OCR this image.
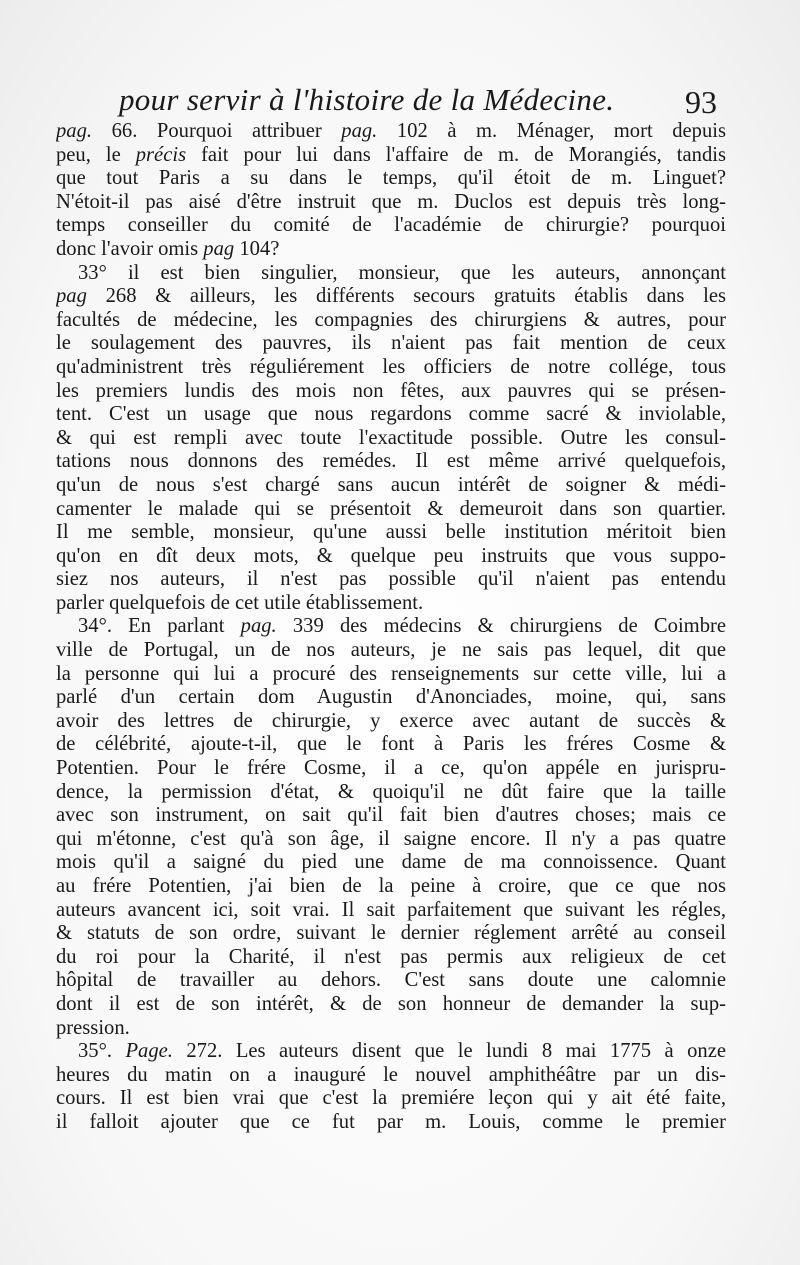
pour servir à l'histoire de la Médecine. 93
pag. 66. Pourquoi attribuer pag. 102 à m. Ménager, mort depuis
peu, le précis fait pour lui dans l'affaire de m. de Morangiés, tandis
que tout Paris a su dans le temps, qu'il étoit de m. Linguet?
N'étoit-il pas aisé d'être instruit que m. Duclos est depuis très long-
temps conseiller du comité de l'académie de chirurgie? pourquoi
donc l'avoir omis pag 104?
33° il est bien singulier, monsieur, que les auteurs, annonçant
pag 268 & ailleurs, les différents secours gratuits établis dans les
facultés de médecine, les compagnies des chirurgiens & autres, pour
le soulagement des pauvres, ils n'aient pas fait mention de ceux
qu'administrent très réguliérement les officiers de notre collége, tous
les premiers lundis des mois non fêtes, aux pauvres qui se présen-
tent. C'est un usage que nous regardons comme sacré & inviolable,
& qui est rempli avec toute l'exactitude possible. Outre les consul-
tations nous donnons des remédes. Il est même arrivé quelquefois,
qu'un de nous s'est chargé sans aucun intérêt de soigner & médi-
camenter le malade qui se présentoit & demeuroit dans son quartier.
Il me semble, monsieur, qu'une aussi belle institution méritoit bien
qu'on en dît deux mots, & quelque peu instruits que vous suppo-
siez nos auteurs, il n'est pas possible qu'il n'aient pas entendu
parler quelquefois de cet utile établissement.
34°. En parlant pag. 339 des médecins & chirurgiens de Coimbre
ville de Portugal, un de nos auteurs, je ne sais pas lequel, dit que
la personne qui lui a procuré des renseignements sur cette ville, lui a
parlé d'un certain dom Augustin d'Anonciades, moine, qui, sans
avoir des lettres de chirurgie, y exerce avec autant de succès &
de célébrité, ajoute-t-il, que le font à Paris les fréres Cosme &
Potentien. Pour le frére Cosme, il a ce, qu'on appéle en jurispru-
dence, la permission d'état, & quoiqu'il ne dût faire que la taille
avec son instrument, on sait qu'il fait bien d'autres choses; mais ce
qui m'étonne, c'est qu'à son âge, il saigne encore. Il n'y a pas quatre
mois qu'il a saigné du pied une dame de ma connoissence. Quant
au frére Potentien, j'ai bien de la peine à croire, que ce que nos
auteurs avancent ici, soit vrai. Il sait parfaitement que suivant les régles,
& statuts de son ordre, suivant le dernier réglement arrêté au conseil
du roi pour la Charité, il n'est pas permis aux religieux de cet
hôpital de travailler au dehors. C'est sans doute une calomnie
dont il est de son intérêt, & de son honneur de demander la sup-
pression.
35°. Page. 272. Les auteurs disent que le lundi 8 mai 1775 à onze
heures du matin on a inauguré le nouvel amphithéâtre par un dis-
cours. Il est bien vrai que c'est la premiére leçon qui y ait été faite,
il falloit ajouter que ce fut par m. Louis, comme le premier
